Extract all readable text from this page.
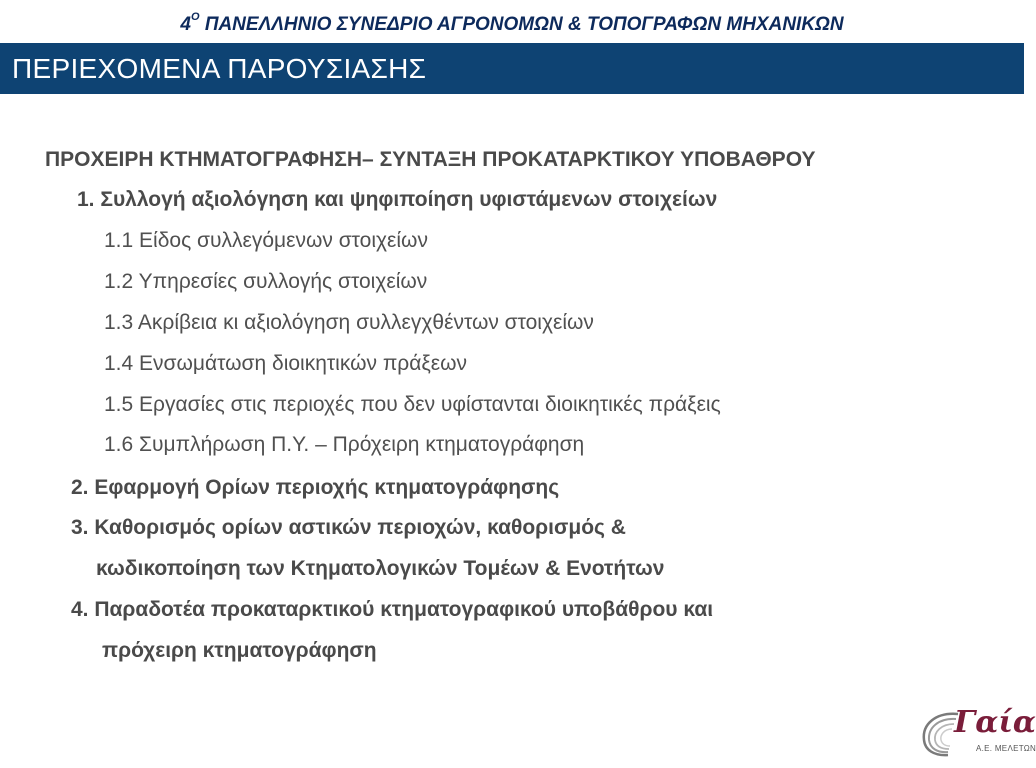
$4^O$ ΠΑΝΕΛΛΗΝΙΟ ΣΥΝΕΔΡΙΟ ΑΓΡΟΝΟΜΩΝ & ΤΟΠΟΓΡΑΦΩΝ ΜΗΧΑΝΙΚΩΝ
ΠΕΡΙΕΧΟΜΕΝΑ ΠΑΡΟΥΣΙΑΣΗΣ
ΠΡΟΧΕΙΡΗ ΚΤΗΜΑΤΟΓΡΑΦΗΣΗ– ΣΥΝΤΑΞΗ ΠΡΟΚΑΤΑΡΚΤΙΚΟΥ ΥΠΟΒΑΘΡΟΥ
1. Συλλογή αξιολόγηση και ψηφιποίηση υφιστάμενων στοιχείων
1.1 Είδος συλλεγόμενων στοιχείων
1.2 Υπηρεσίες συλλογής στοιχείων
1.3 Ακρίβεια κι αξιολόγηση συλλεγχθέντων στοιχείων
1.4 Ενσωμάτωση διοικητικών πράξεων
1.5 Εργασίες στις περιοχές που δεν υφίστανται διοικητικές πράξεις
1.6 Συμπλήρωση Π.Υ. – Πρόχειρη κτηματογράφηση
2. Εφαρμογή Ορίων περιοχής κτηματογράφησης
3. Καθορισμός ορίων αστικών περιοχών, καθορισμός &
κωδικοποίηση των Κτηματολογικών Τομέων & Ενοτήτων
4. Παραδοτέα προκαταρκτικού κτηματογραφικού υποβάθρου και
πρόχειρη κτηματογράφηση
Γαία
Α.Ε. ΜΕΛΕΤΩΝ
